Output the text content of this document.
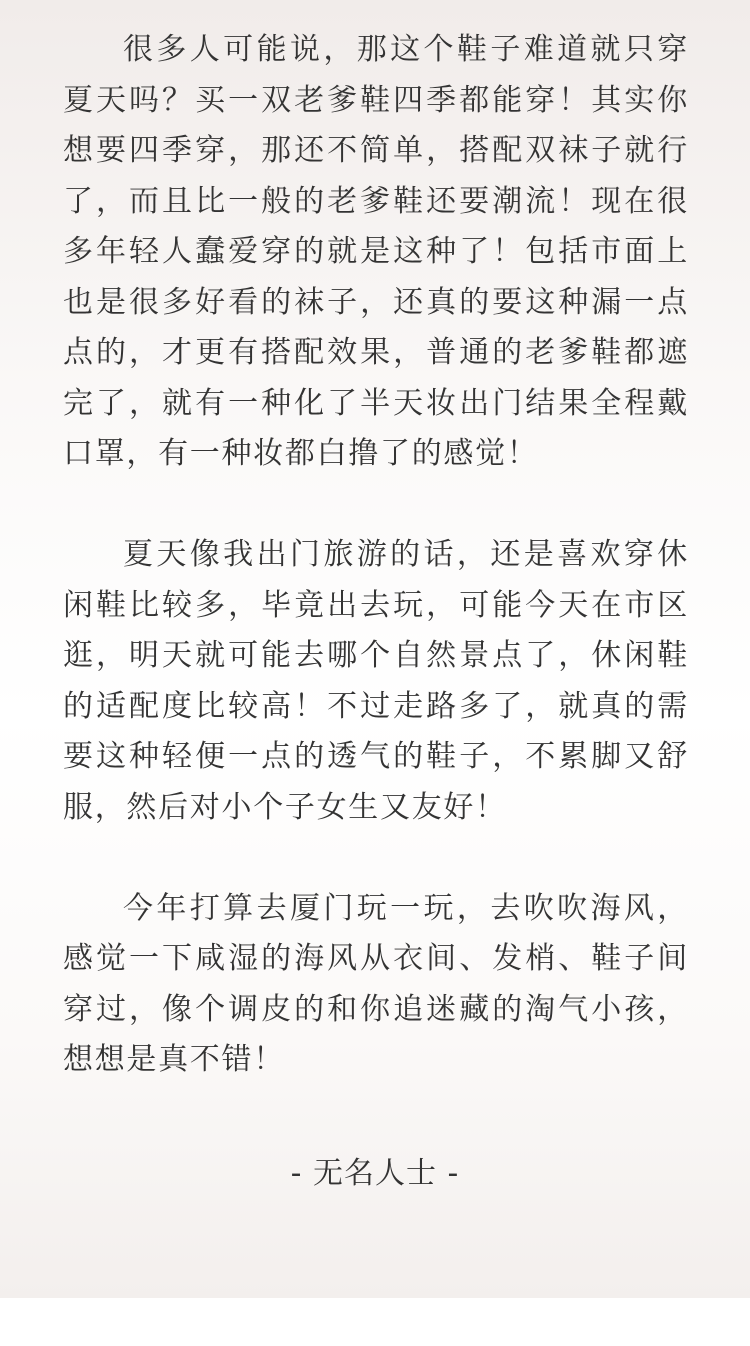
很多人可能说，那这个鞋子难道就只穿夏天吗？买一双老爹鞋四季都能穿！其实你想要四季穿，那还不简单，搭配双袜子就行了，而且比一般的老爹鞋还要潮流！现在很多年轻人蠢爱穿的就是这种了！包括市面上也是很多好看的袜子，还真的要这种漏一点点的，才更有搭配效果，普通的老爹鞋都遮完了，就有一种化了半天妆出门结果全程戴口罩，有一种妆都白撸了的感觉！

夏天像我出门旅游的话，还是喜欢穿休闲鞋比较多，毕竟出去玩，可能今天在市区逛，明天就可能去哪个自然景点了，休闲鞋的适配度比较高！不过走路多了，就真的需要这种轻便一点的透气的鞋子，不累脚又舒服，然后对小个子女生又友好！

今年打算去厦门玩一玩，去吹吹海风，感觉一下咸湿的海风从衣间、发梢、鞋子间穿过，像个调皮的和你追迷藏的淘气小孩，想想是真不错！

- 无名人士 -
